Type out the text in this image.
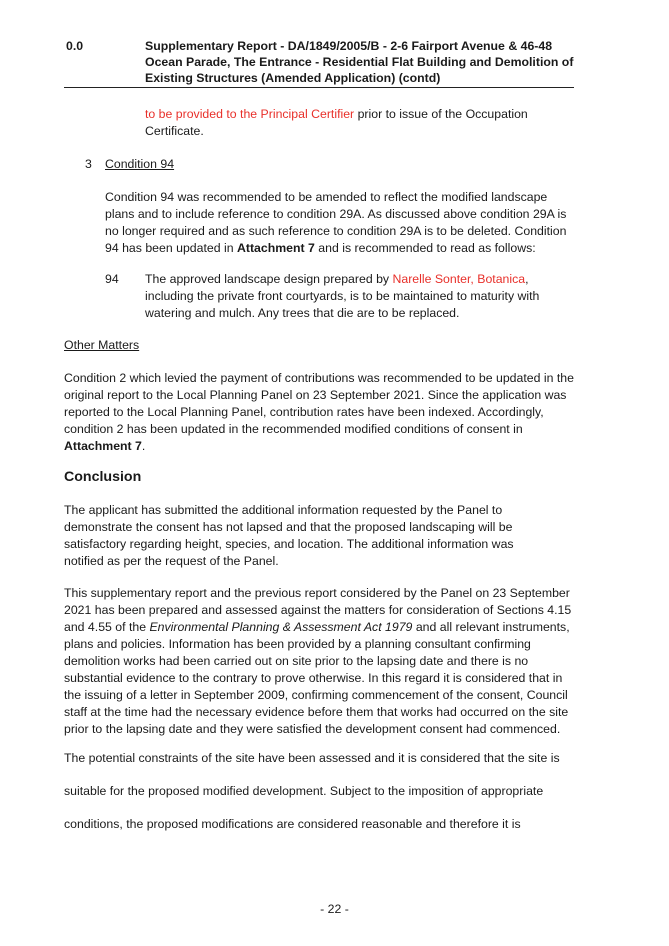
0.0	Supplementary Report - DA/1849/2005/B - 2-6 Fairport Avenue & 46-48 Ocean Parade, The Entrance - Residential Flat Building and Demolition of Existing Structures (Amended Application) (contd)
to be provided to the Principal Certifier prior to issue of the Occupation Certificate.
3 Condition 94
Condition 94 was recommended to be amended to reflect the modified landscape plans and to include reference to condition 29A. As discussed above condition 29A is no longer required and as such reference to condition 29A is to be deleted. Condition 94 has been updated in Attachment 7 and is recommended to read as follows:
94 The approved landscape design prepared by Narelle Sonter, Botanica, including the private front courtyards, is to be maintained to maturity with watering and mulch. Any trees that die are to be replaced.
Other Matters
Condition 2 which levied the payment of contributions was recommended to be updated in the original report to the Local Planning Panel on 23 September 2021. Since the application was reported to the Local Planning Panel, contribution rates have been indexed. Accordingly, condition 2 has been updated in the recommended modified conditions of consent in Attachment 7.
Conclusion
The applicant has submitted the additional information requested by the Panel to demonstrate the consent has not lapsed and that the proposed landscaping will be satisfactory regarding height, species, and location. The additional information was notified as per the request of the Panel.
This supplementary report and the previous report considered by the Panel on 23 September 2021 has been prepared and assessed against the matters for consideration of Sections 4.15 and 4.55 of the Environmental Planning & Assessment Act 1979 and all relevant instruments, plans and policies. Information has been provided by a planning consultant confirming demolition works had been carried out on site prior to the lapsing date and there is no substantial evidence to the contrary to prove otherwise. In this regard it is considered that in the issuing of a letter in September 2009, confirming commencement of the consent, Council staff at the time had the necessary evidence before them that works had occurred on the site prior to the lapsing date and they were satisfied the development consent had commenced.
The potential constraints of the site have been assessed and it is considered that the site is
suitable for the proposed modified development. Subject to the imposition of appropriate
conditions, the proposed modifications are considered reasonable and therefore it is
- 22 -
